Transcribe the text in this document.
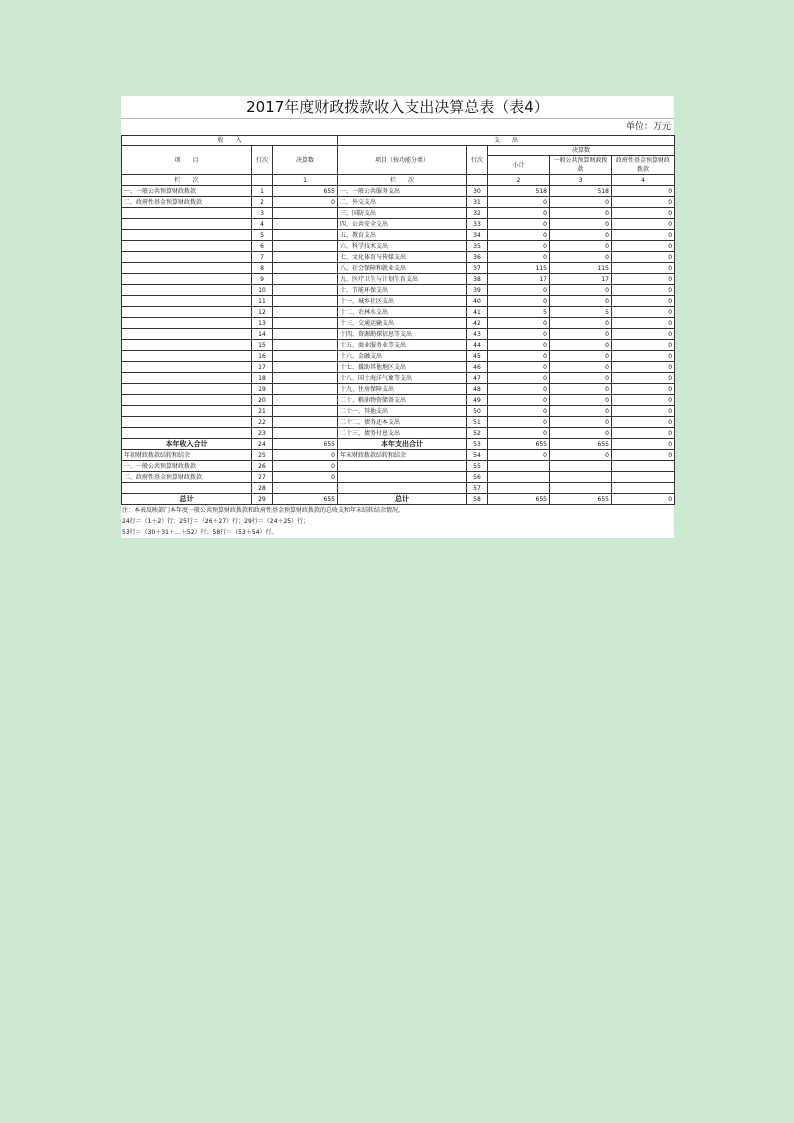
2017年度财政拨款收入支出决算总表（表4）
单位：万元
收　　入			支　　出				
项　　目	行次	决算数	项目（按功能分类）	行次	决算数		
					小计	一般公共预算财政拨款	政府性基金预算财政拨款

栏　　次		1	栏　　次		2	3	4
一、一般公共预算财政拨款	1	655	一、一般公共服务支出	30	518	518	0
二、政府性基金预算财政拨款	2	0	二、外交支出	31	0	0	0
	3		三、国防支出	32	0	0	0
	4		四、公共安全支出	33	0	0	0
	5		五、教育支出	34	0	0	0
	6		六、科学技术支出	35	0	0	0
	7		七、文化体育与传媒支出	36	0	0	0
	8		八、社会保障和就业支出	37	115	115	0
	9		九、医疗卫生与计划生育支出	38	17	17	0
	10		十、节能环保支出	39	0	0	0
	11		十一、城乡社区支出	40	0	0	0
	12		十二、农林水支出	41	5	5	0
	13		十三、交通运输支出	42	0	0	0
	14		十四、资源勘探信息等支出	43	0	0	0
	15		十五、商业服务业等支出	44	0	0	0
	16		十六、金融支出	45	0	0	0
	17		十七、援助其他地区支出	46	0	0	0
	18		十八、国土海洋气象等支出	47	0	0	0
	19		十九、住房保障支出	48	0	0	0
	20		二十、粮油物资储备支出	49	0	0	0
	21		二十一、其他支出	50	0	0	0
	22		二十二、债务还本支出	51	0	0	0
	23		二十三、债务付息支出	52	0	0	0
本年收入合计	24	655	本年支出合计	53	655	655	0
年初财政拨款结转和结余	25	0	年末财政拨款结转和结余	54	0	0	0
一、一般公共预算财政拨款	26	0		55			
二、政府性基金预算财政拨款	27	0		56			
	28			57			
总计	29	655	总计	58	655	655	0
注：本表反映部门本年度一般公共预算财政拨款和政府性基金预算财政拨款的总收支和年末结转结余情况。
24行＝（1＋2）行；25行＝（26＋27）行；29行＝（24＋25）行；
53行＝（30＋31＋…＋52）行；58行＝（53＋54）行。
